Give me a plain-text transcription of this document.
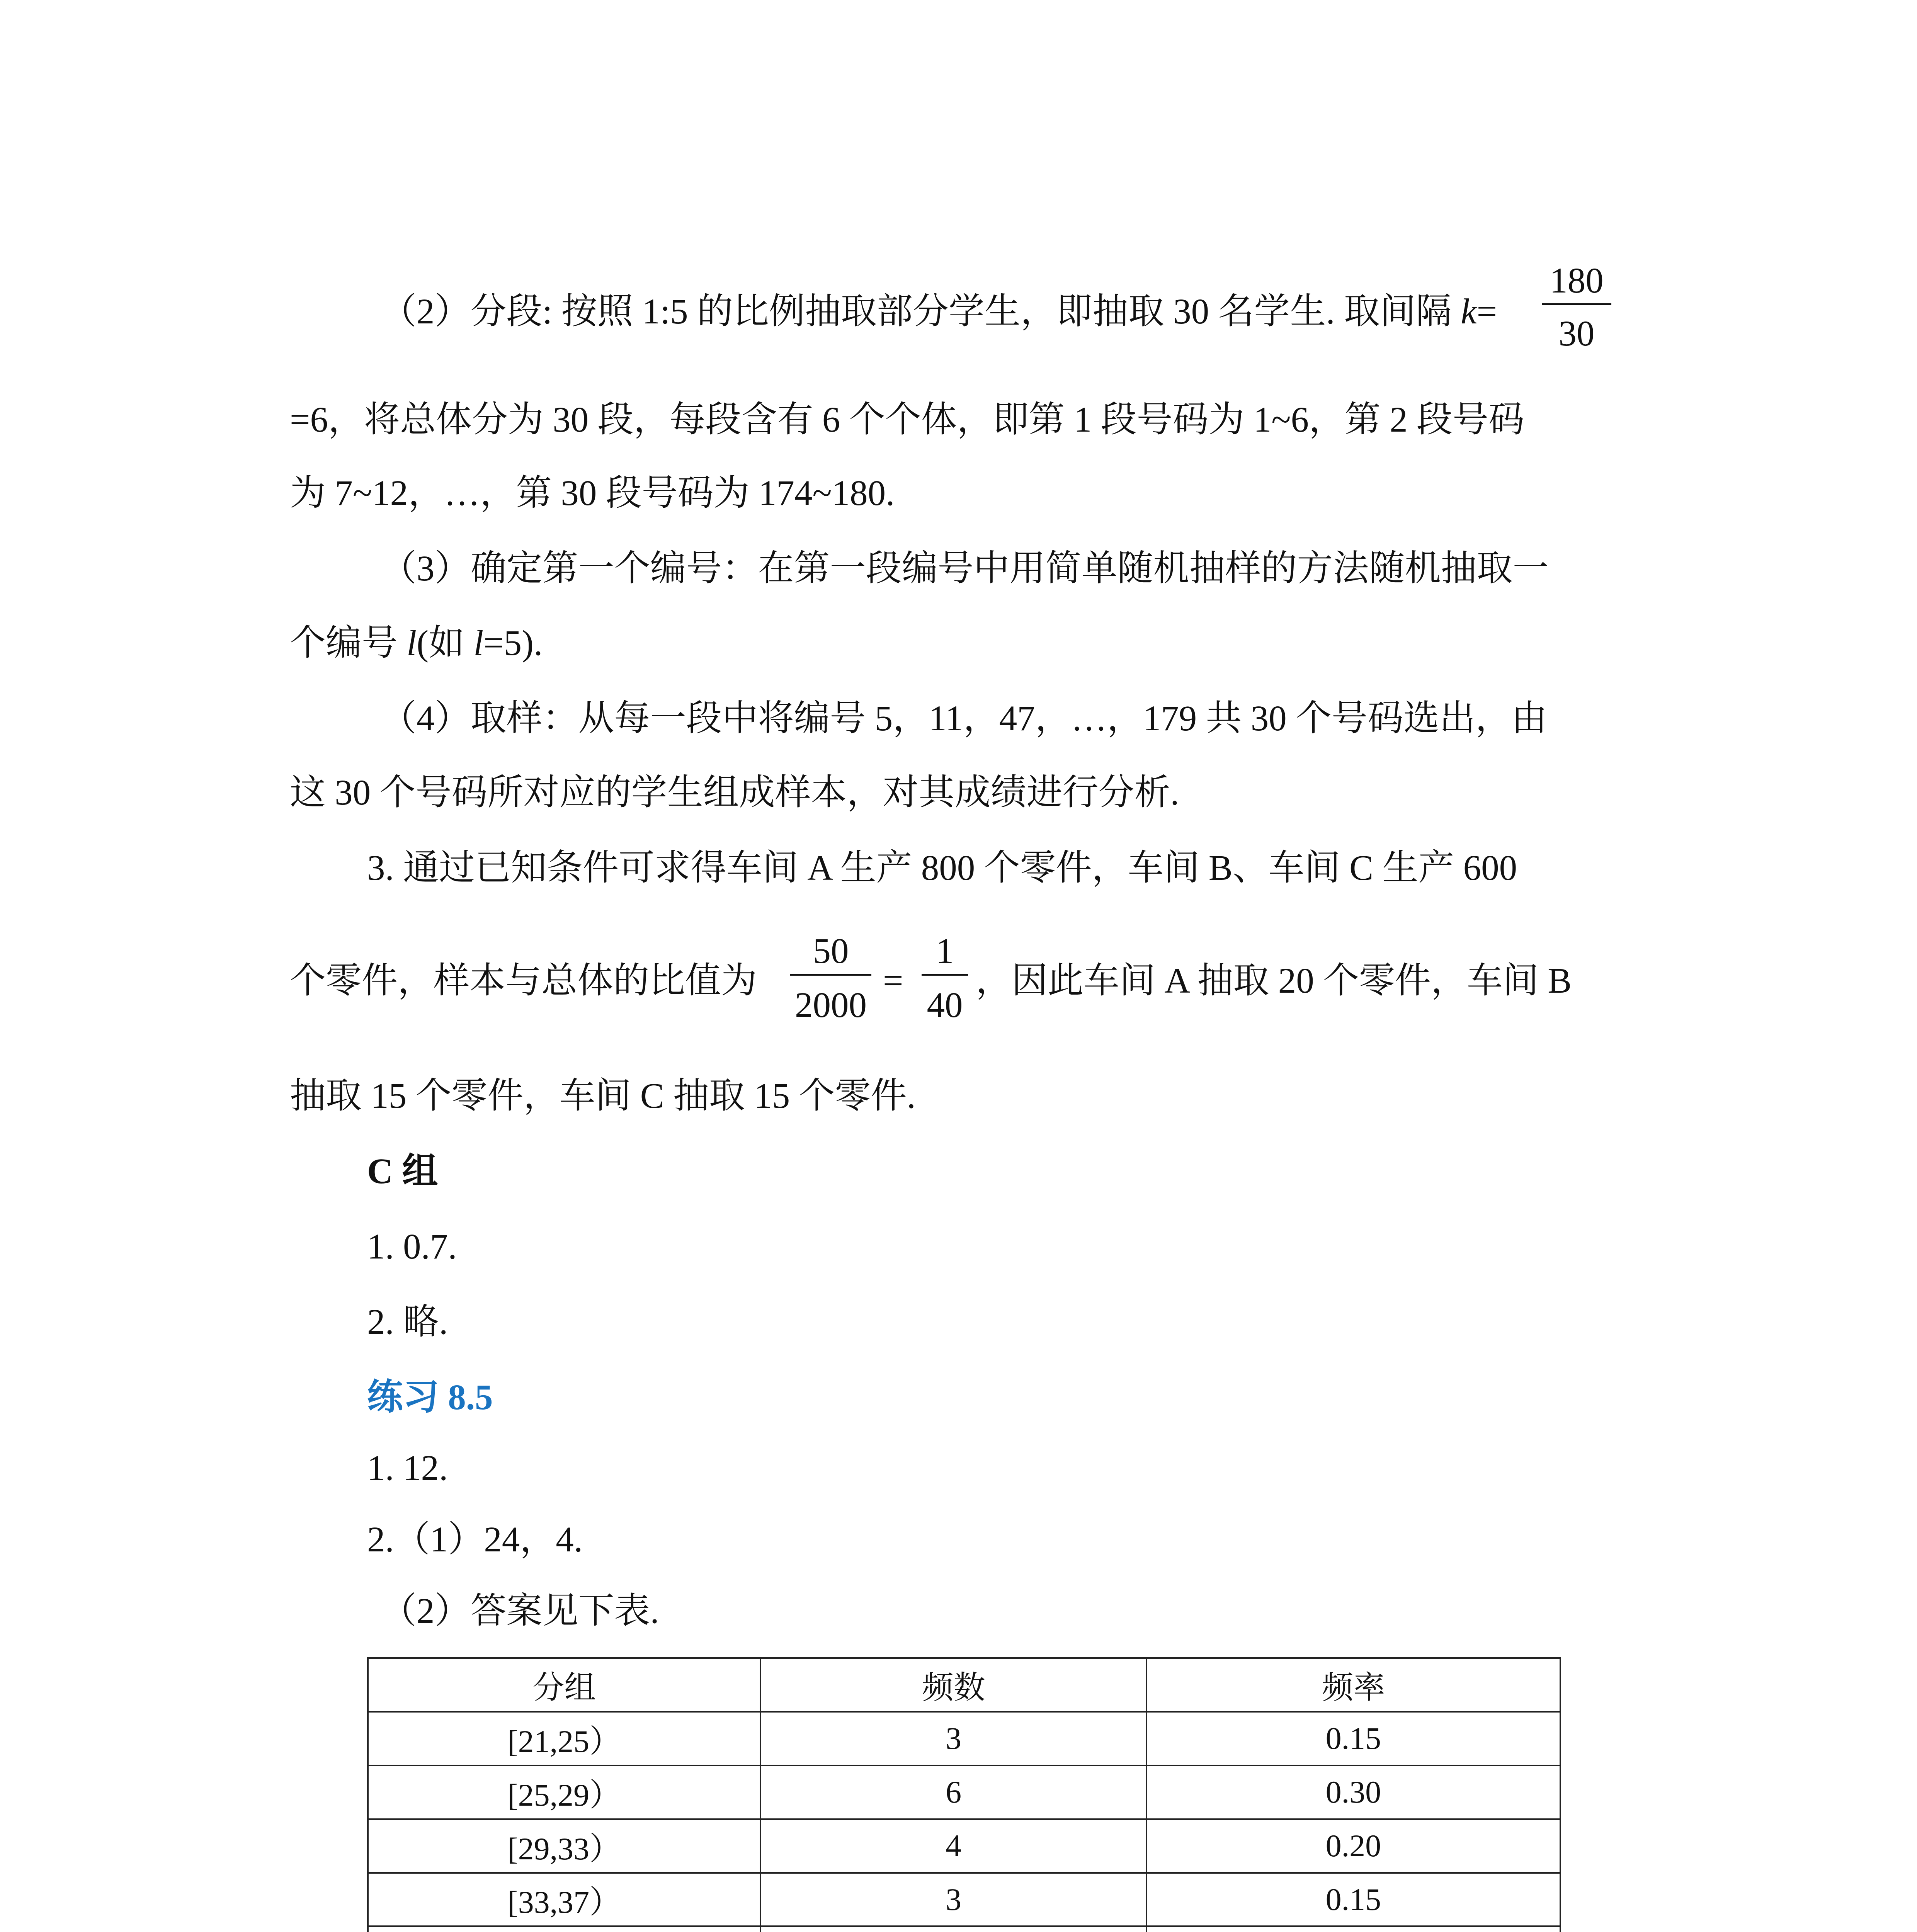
（2）分段: 按照 1:5 的比例抽取部分学生，即抽取 30 名学生. 取间隔 k=
180
30
=6，将总体分为 30 段，每段含有 6 个个体，即第 1 段号码为 1~6，第 2 段号码
为 7~12，…，第 30 段号码为 174~180.
（3）确定第一个编号：在第一段编号中用简单随机抽样的方法随机抽取一
个编号 l(如 l=5).
（4）取样：从每一段中将编号 5，11，47，…，179 共 30 个号码选出，由
这 30 个号码所对应的学生组成样本，对其成绩进行分析.
3. 通过已知条件可求得车间 A 生产 800 个零件，车间 B、车间 C 生产 600
个零件，样本与总体的比值为
50
2000
=
1
40
，因此车间 A 抽取 20 个零件，车间 B
抽取 15 个零件，车间 C 抽取 15 个零件.
C 组
1. 0.7.
2. 略.
练习 8.5
1. 12.
2.（1）24，4.
（2）答案见下表.
分组	频数	频率
[21,25）	3	0.15
[25,29）	6	0.30
[29,33）	4	0.20
[33,37）	3	0.15
